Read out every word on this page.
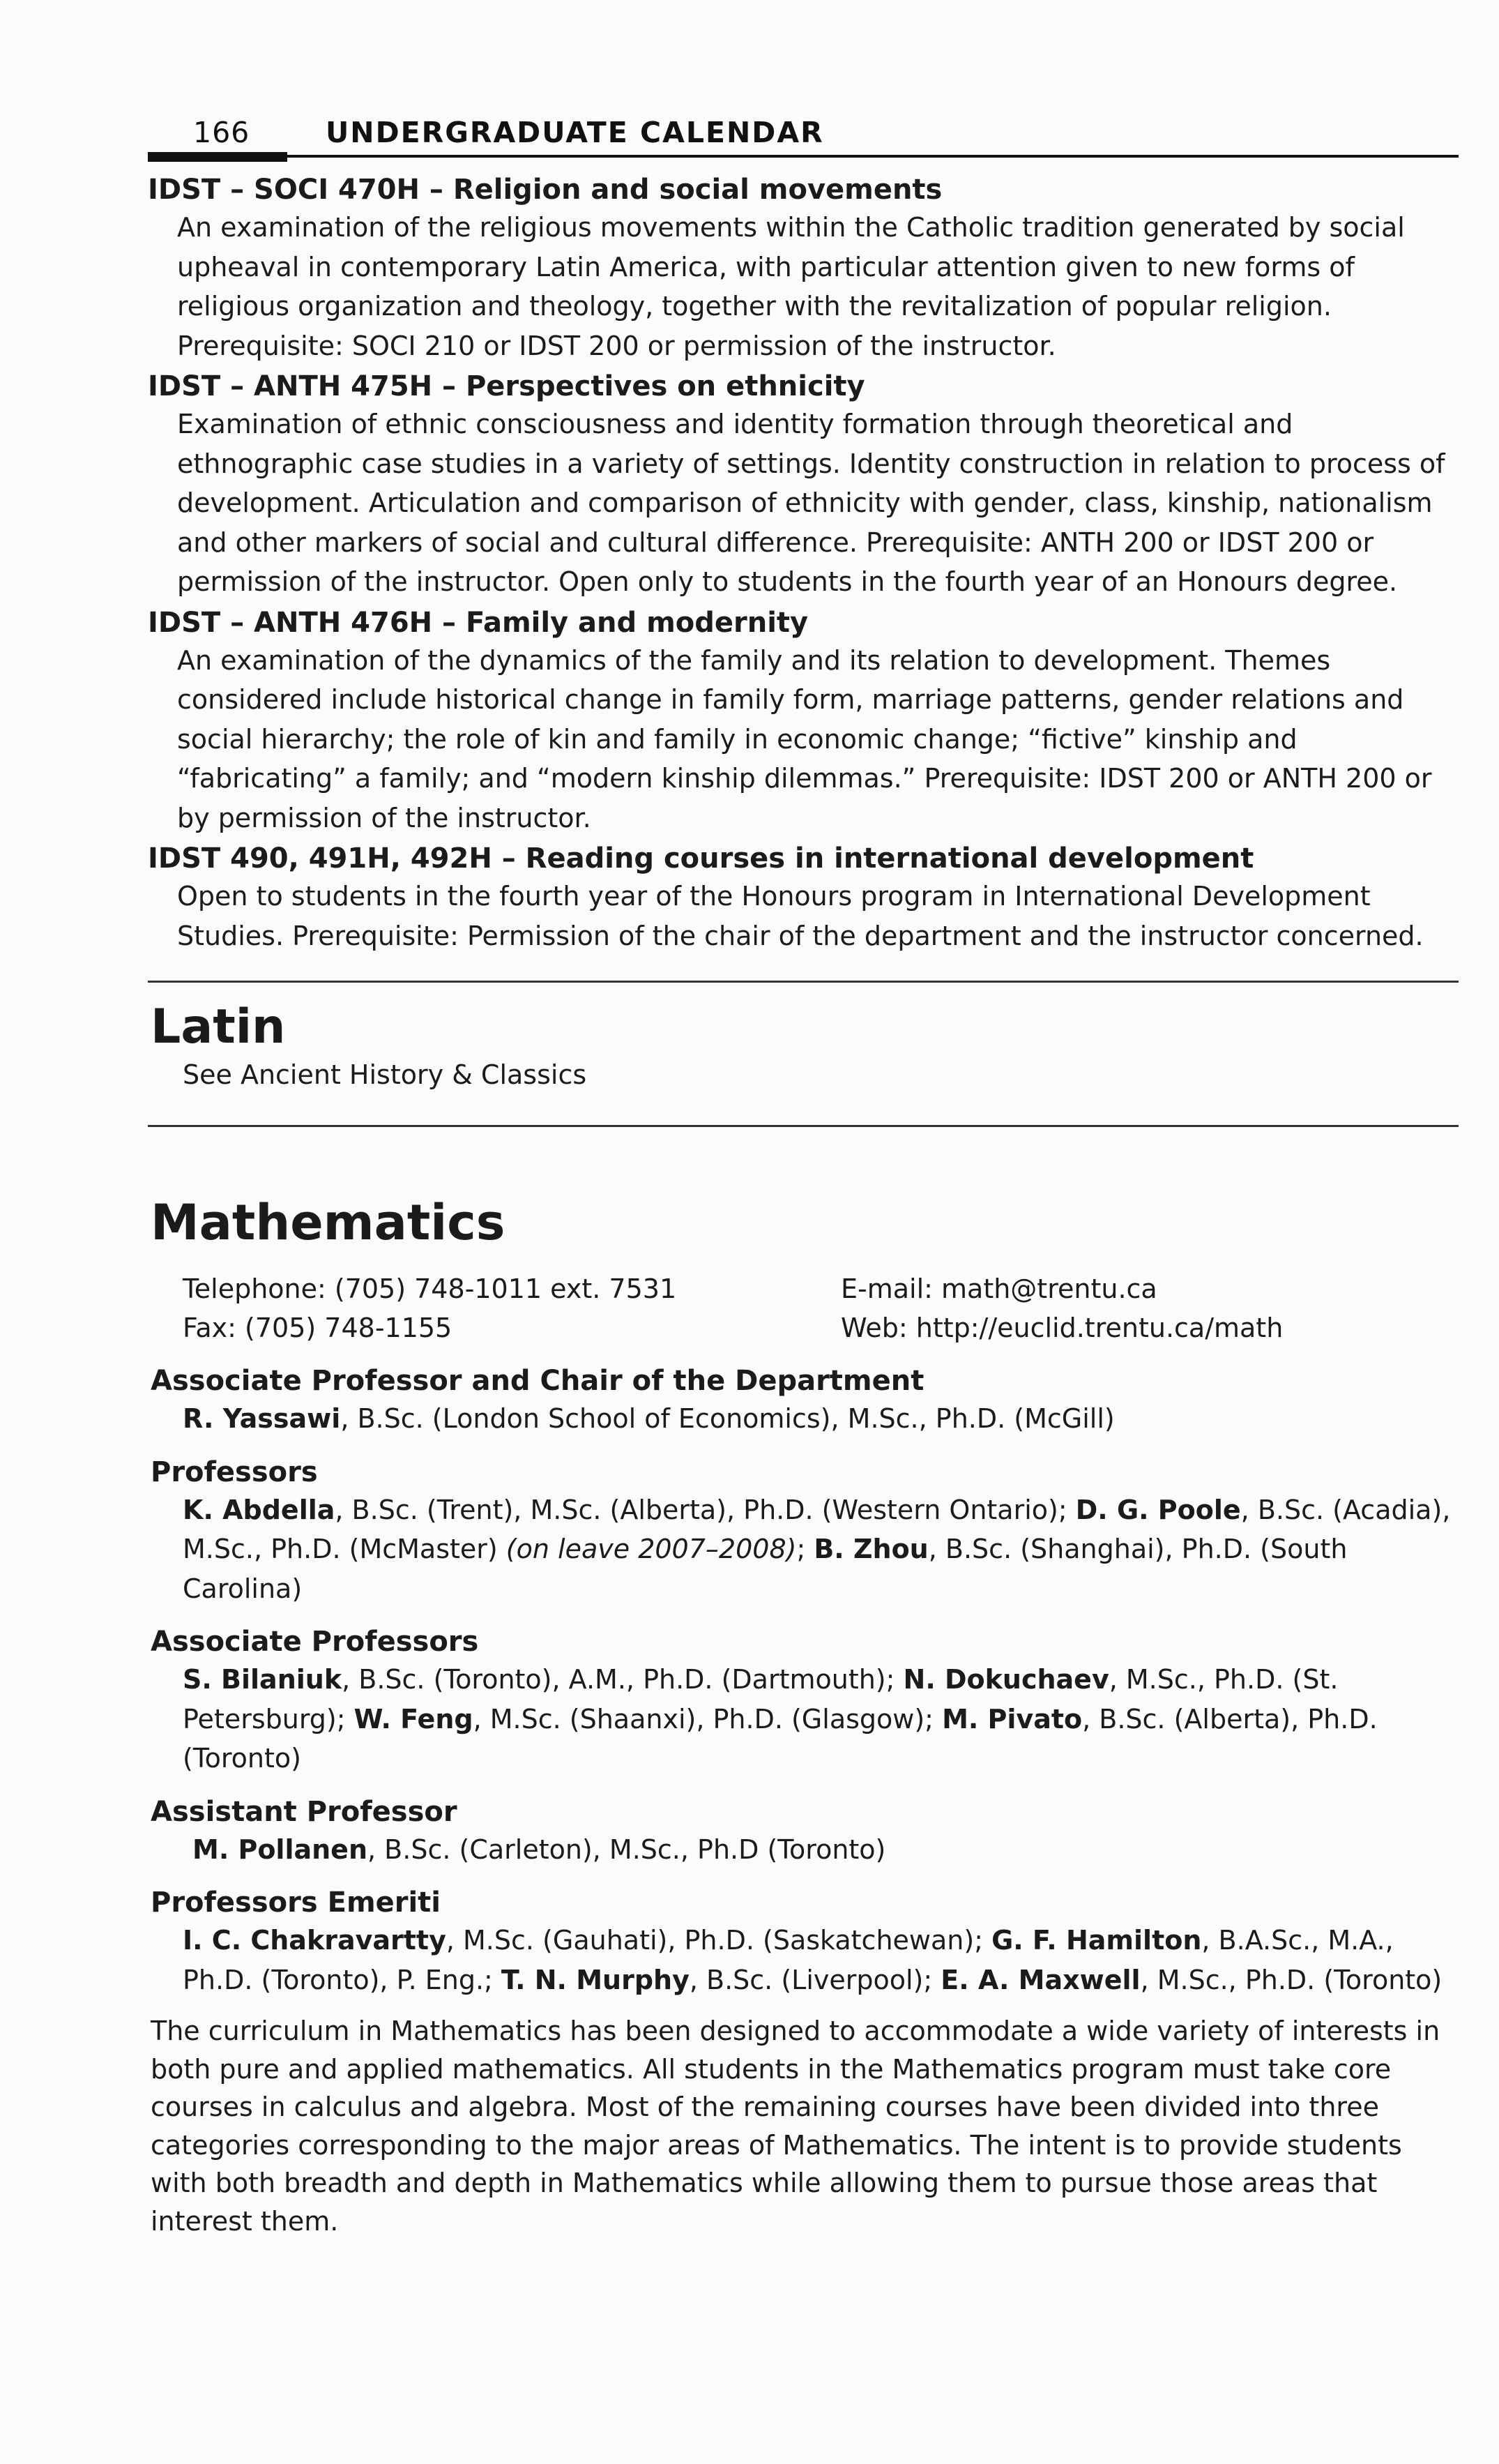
166	UNDERGRADUATE CALENDAR
IDST – SOCI 470H – Religion and social movements
An examination of the religious movements within the Catholic tradition generated by social upheaval in contemporary Latin America, with particular attention given to new forms of religious organization and theology, together with the revitalization of popular religion. Prerequisite: SOCI 210 or IDST 200 or permission of the instructor.
IDST – ANTH 475H – Perspectives on ethnicity
Examination of ethnic consciousness and identity formation through theoretical and ethnographic case studies in a variety of settings. Identity construction in relation to process of development. Articulation and comparison of ethnicity with gender, class, kinship, nationalism and other markers of social and cultural difference. Prerequisite: ANTH 200 or IDST 200 or permission of the instructor. Open only to students in the fourth year of an Honours degree.
IDST – ANTH 476H – Family and modernity
An examination of the dynamics of the family and its relation to development. Themes considered include historical change in family form, marriage patterns, gender relations and social hierarchy; the role of kin and family in economic change; “fictive” kinship and “fabricating” a family; and “modern kinship dilemmas.” Prerequisite: IDST 200 or ANTH 200 or by permission of the instructor.
IDST 490, 491H, 492H – Reading courses in international development
Open to students in the fourth year of the Honours program in International Development Studies. Prerequisite: Permission of the chair of the department and the instructor concerned.
Latin
See Ancient History & Classics
Mathematics
Telephone: (705) 748-1011 ext. 7531
Fax: (705) 748-1155
E-mail: math@trentu.ca
Web: http://euclid.trentu.ca/math
Associate Professor and Chair of the Department
R. Yassawi, B.Sc. (London School of Economics), M.Sc., Ph.D. (McGill)
Professors
K. Abdella, B.Sc. (Trent), M.Sc. (Alberta), Ph.D. (Western Ontario); D. G. Poole, B.Sc. (Acadia), M.Sc., Ph.D. (McMaster) (on leave 2007–2008); B. Zhou, B.Sc. (Shanghai), Ph.D. (South Carolina)
Associate Professors
S. Bilaniuk, B.Sc. (Toronto), A.M., Ph.D. (Dartmouth); N. Dokuchaev, M.Sc., Ph.D. (St. Petersburg); W. Feng, M.Sc. (Shaanxi), Ph.D. (Glasgow); M. Pivato, B.Sc. (Alberta), Ph.D. (Toronto)
Assistant Professor
M. Pollanen, B.Sc. (Carleton), M.Sc., Ph.D (Toronto)
Professors Emeriti
I. C. Chakravartty, M.Sc. (Gauhati), Ph.D. (Saskatchewan); G. F. Hamilton, B.A.Sc., M.A., Ph.D. (Toronto), P. Eng.; T. N. Murphy, B.Sc. (Liverpool); E. A. Maxwell, M.Sc., Ph.D. (Toronto)
The curriculum in Mathematics has been designed to accommodate a wide variety of interests in both pure and applied mathematics. All students in the Mathematics program must take core courses in calculus and algebra. Most of the remaining courses have been divided into three categories corresponding to the major areas of Mathematics. The intent is to provide students with both breadth and depth in Mathematics while allowing them to pursue those areas that interest them.
